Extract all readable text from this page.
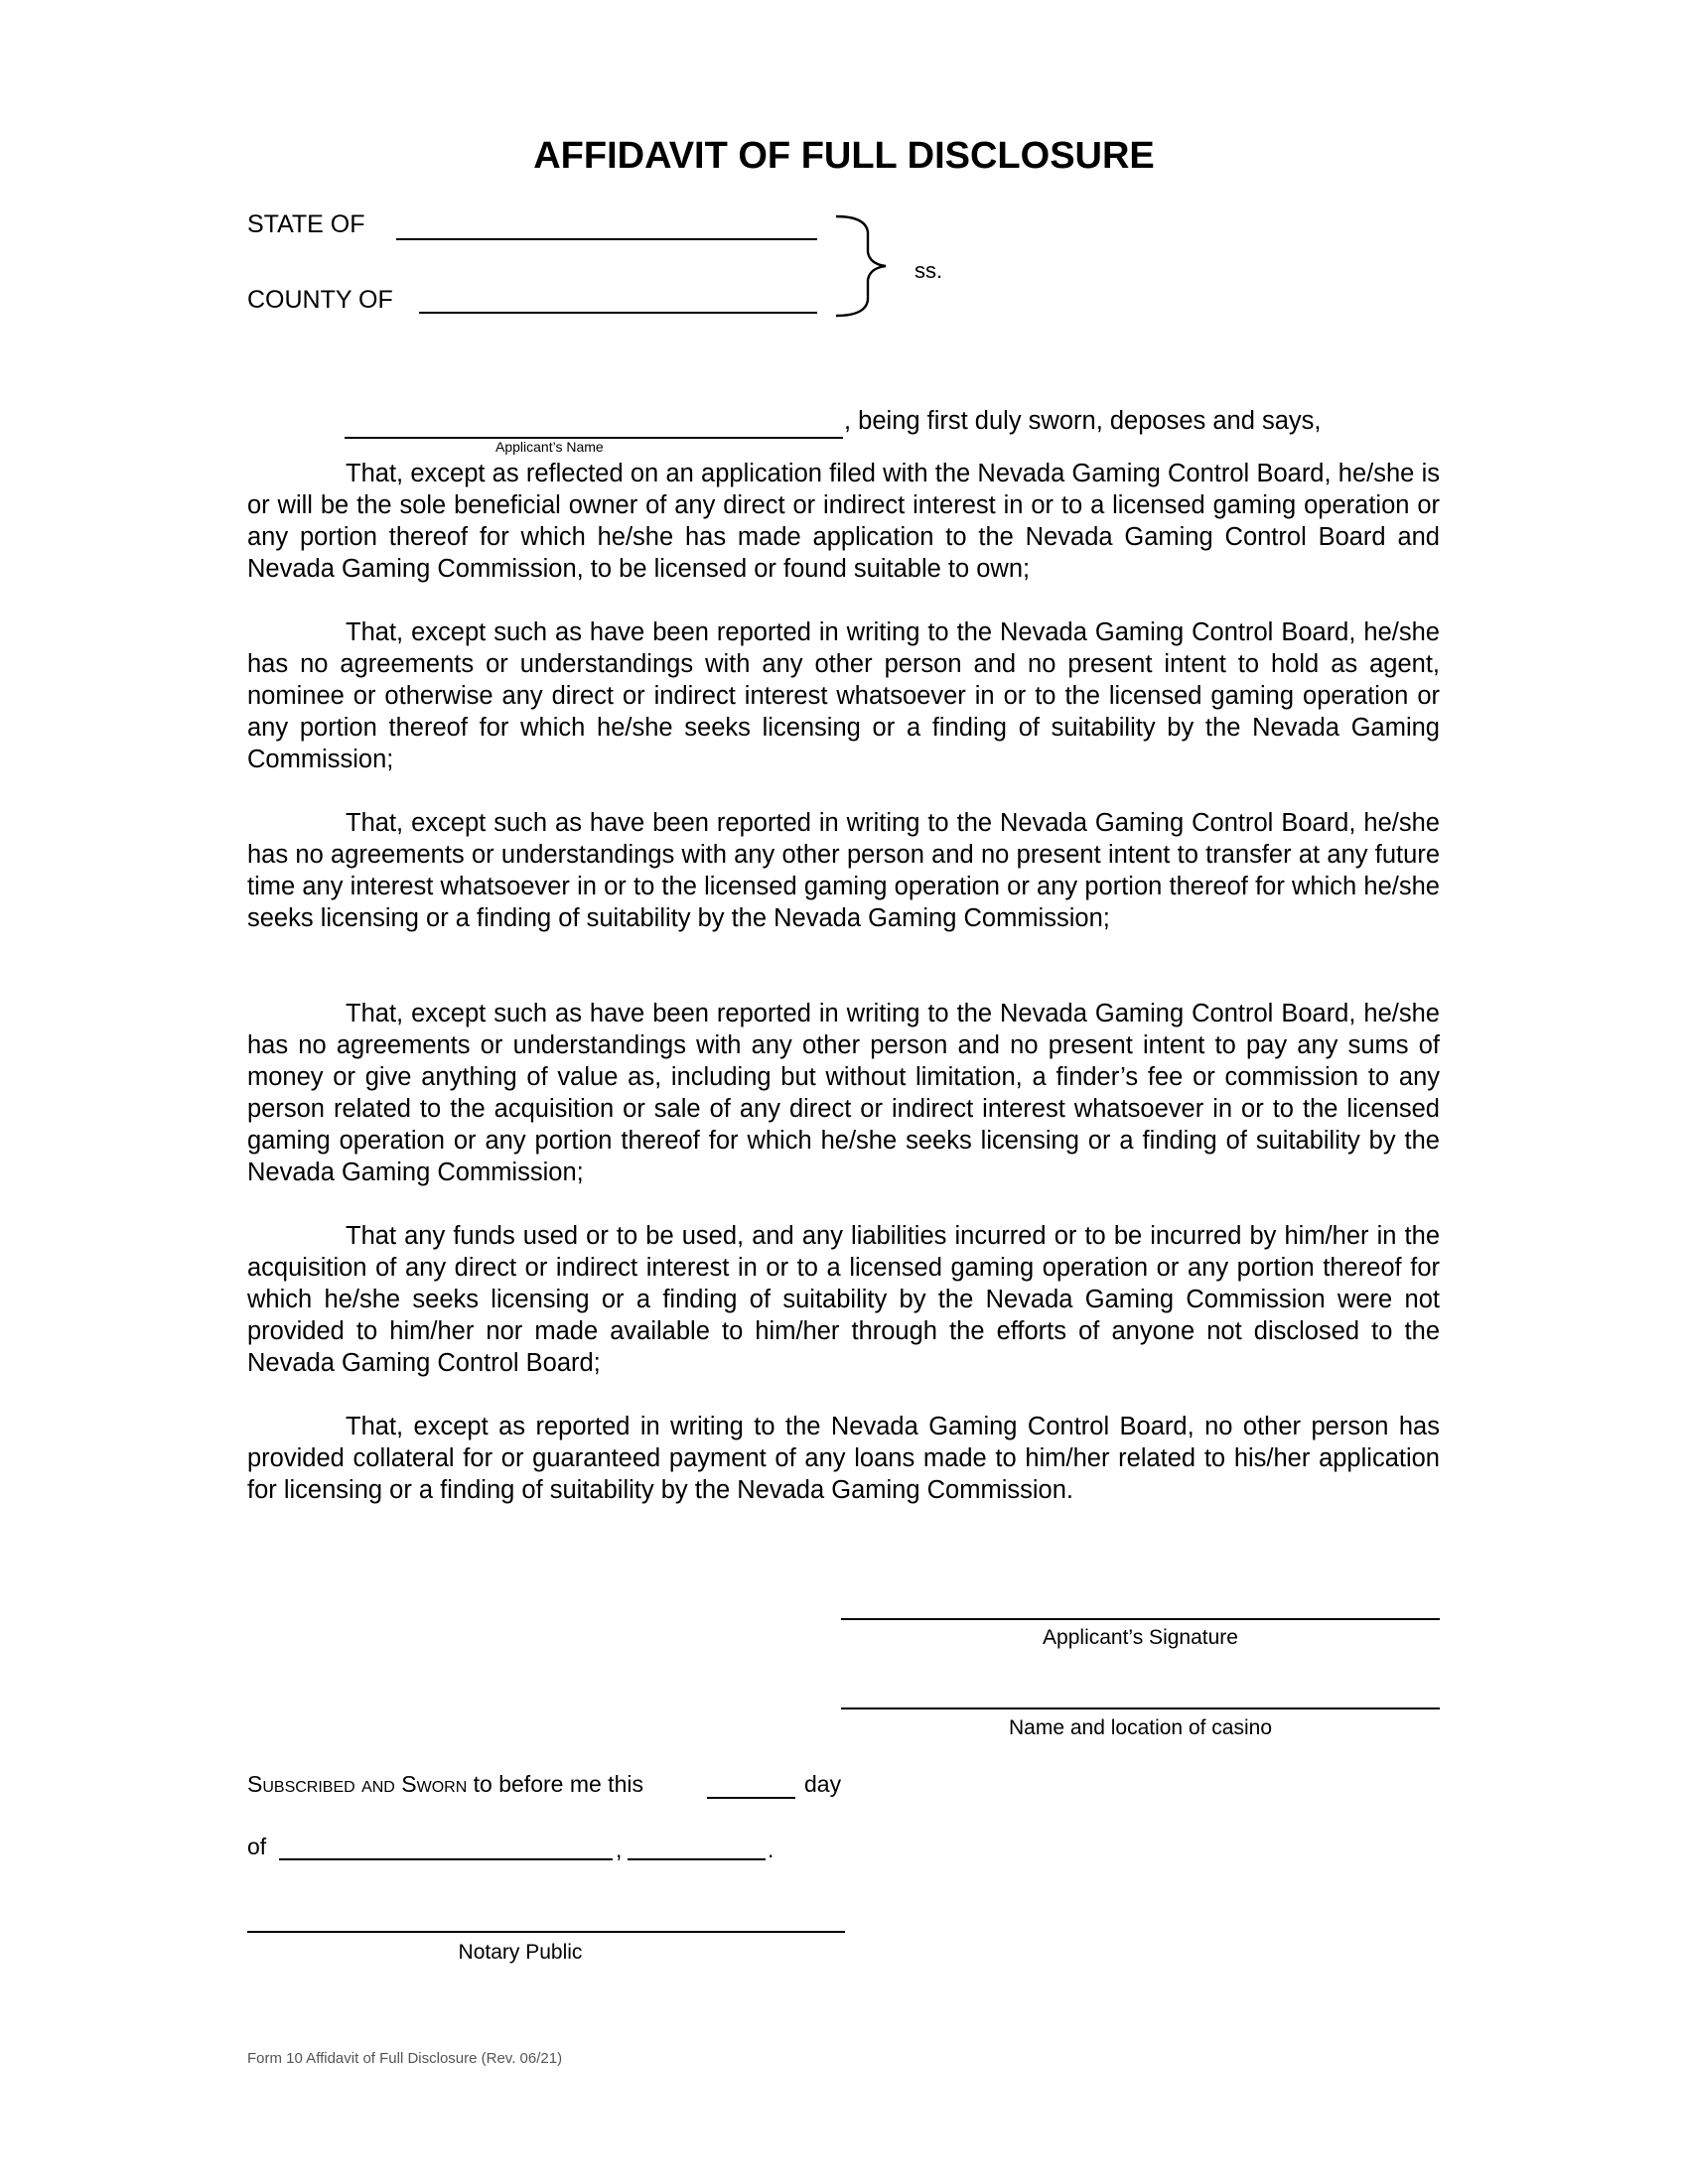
AFFIDAVIT OF FULL DISCLOSURE
STATE OF
COUNTY OF
ss.
, being first duly sworn, deposes and says,
Applicant’s Name

That, except as reflected on an application filed with the Nevada Gaming Control Board, he/she is or will be the sole beneficial owner of any direct or indirect interest in or to a licensed gaming operation or any portion thereof for which he/she has made application to the Nevada Gaming Control Board and Nevada Gaming Commission, to be licensed or found suitable to own;

That, except such as have been reported in writing to the Nevada Gaming Control Board, he/she has no agreements or understandings with any other person and no present intent to hold as agent, nominee or otherwise any direct or indirect interest whatsoever in or to the licensed gaming operation or any portion thereof for which he/she seeks licensing or a finding of suitability by the Nevada Gaming Commission;

That, except such as have been reported in writing to the Nevada Gaming Control Board, he/she has no agreements or understandings with any other person and no present intent to transfer at any future time any interest whatsoever in or to the licensed gaming operation or any portion thereof for which he/she seeks licensing or a finding of suitability by the Nevada Gaming Commission;

That, except such as have been reported in writing to the Nevada Gaming Control Board, he/she has no agreements or understandings with any other person and no present intent to pay any sums of money or give anything of value as, including but without limitation, a finder’s fee or commission to any person related to the acquisition or sale of any direct or indirect interest whatsoever in or to the licensed gaming operation or any portion thereof for which he/she seeks licensing or a finding of suitability by the Nevada Gaming Commission;

That any funds used or to be used, and any liabilities incurred or to be incurred by him/her in the acquisition of any direct or indirect interest in or to a licensed gaming operation or any portion thereof for which he/she seeks licensing or a finding of suitability by the Nevada Gaming Commission were not provided to him/her nor made available to him/her through the efforts of anyone not disclosed to the Nevada Gaming Control Board;

That, except as reported in writing to the Nevada Gaming Control Board, no other person has provided collateral for or guaranteed payment of any loans made to him/her related to his/her application for licensing or a finding of suitability by the Nevada Gaming Commission.

Applicant’s Signature
Name and location of casino
Subscribed and Sworn to before me this	day
of	,	.
Notary Public
Form 10 Affidavit of Full Disclosure (Rev. 06/21)
